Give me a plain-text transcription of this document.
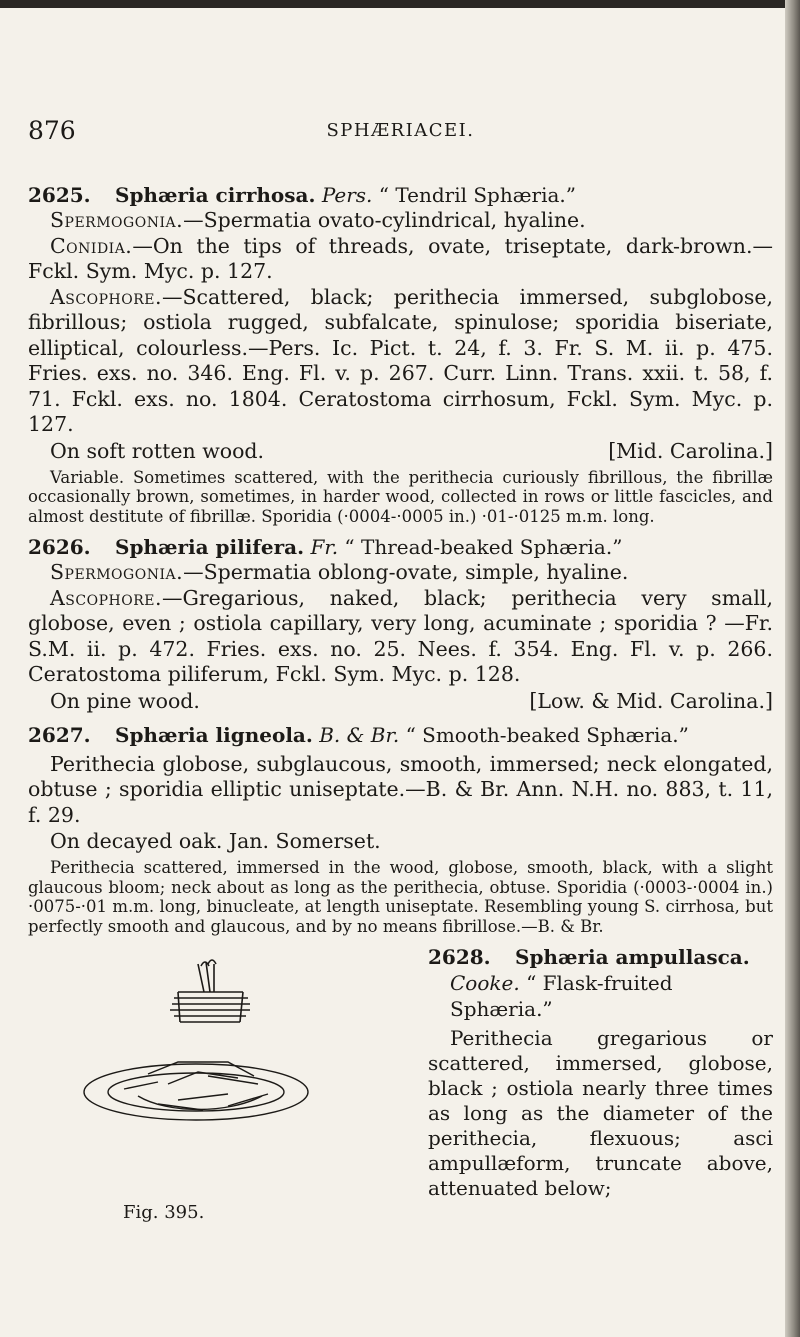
876	SPHÆRIACEI.

2625. Sphæria cirrhosa. Pers. “ Tendril Sphæria.”

Spermogonia.—Spermatia ovato-cylindrical, hyaline.

Conidia.—On the tips of threads, ovate, triseptate, dark-brown.—Fckl. Sym. Myc. p. 127.

Ascophore.—Scattered, black; perithecia immersed, subglobose, fibrillous; ostiola rugged, subfalcate, spinulose; sporidia biseriate, elliptical, colourless.—Pers. Ic. Pict. t. 24, f. 3. Fr. S. M. ii. p. 475. Fries. exs. no. 346. Eng. Fl. v. p. 267. Curr. Linn. Trans. xxii. t. 58, f. 71. Fckl. exs. no. 1804. Ceratostoma cirrhosum, Fckl. Sym. Myc. p. 127.

On soft rotten wood.	[Mid. Carolina.]

Variable. Sometimes scattered, with the perithecia curiously fibrillous, the fibrillæ occasionally brown, sometimes, in harder wood, collected in rows or little fascicles, and almost destitute of fibrillæ. Sporidia (·0004-·0005 in.) ·01-·0125 m.m. long.

2626. Sphæria pilifera. Fr. “ Thread-beaked Sphæria.”

Spermogonia.—Spermatia oblong-ovate, simple, hyaline.

Ascophore.—Gregarious, naked, black; perithecia very small, globose, even ; ostiola capillary, very long, acuminate ; sporidia ? —Fr. S.M. ii. p. 472. Fries. exs. no. 25. Nees. f. 354. Eng. Fl. v. p. 266. Ceratostoma piliferum, Fckl. Sym. Myc. p. 128.

On pine wood.	[Low. & Mid. Carolina.]

2627. Sphæria ligneola. B. & Br. “ Smooth-beaked Sphæria.”

Perithecia globose, subglaucous, smooth, immersed; neck elongated, obtuse ; sporidia elliptic uniseptate.—B. & Br. Ann. N.H. no. 883, t. 11, f. 29.

On decayed oak. Jan. Somerset.

Perithecia scattered, immersed in the wood, globose, smooth, black, with a slight glaucous bloom; neck about as long as the perithecia, obtuse. Sporidia (·0003-·0004 in.) ·0075-·01 m.m. long, binucleate, at length uniseptate. Resembling young S. cirrhosa, but perfectly smooth and glaucous, and by no means fibrillose.—B. & Br.

Fig. 395.

2628. Sphæria ampullasca.

Cooke. “ Flask-fruited Sphæria.”

Perithecia gregarious or scattered, immersed, globose, black ; ostiola nearly three times as long as the diameter of the perithecia, flexuous; asci ampullæform, truncate above, attenuated below;
